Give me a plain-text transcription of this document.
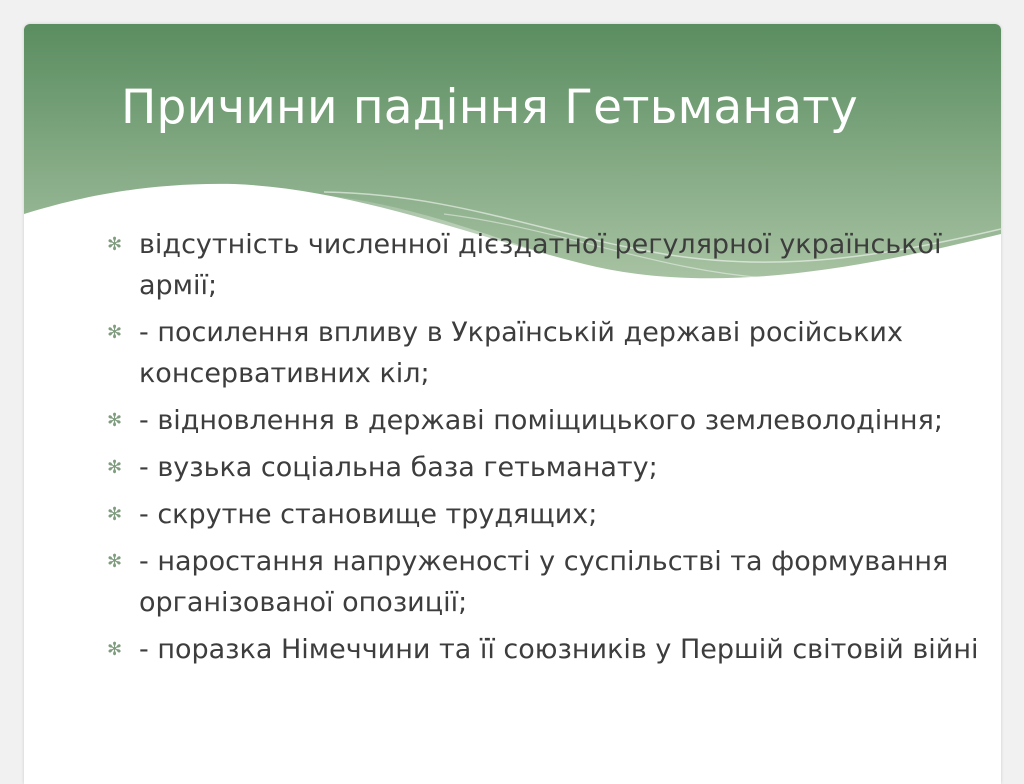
Причини падіння Гетьманату
✻ відсутність численної дієздатної регулярної української армії;
✻ - посилення впливу в Українській державі російських консервативних кіл;
✻ - відновлення в державі поміщицького землеволодіння;
✻ - вузька соціальна база гетьманату;
✻ - скрутне становище трудящих;
✻ - наростання напруженості у суспільстві та формування організованої опозиції;
✻ - поразка Німеччини та її союзників у Першій світовій війні
